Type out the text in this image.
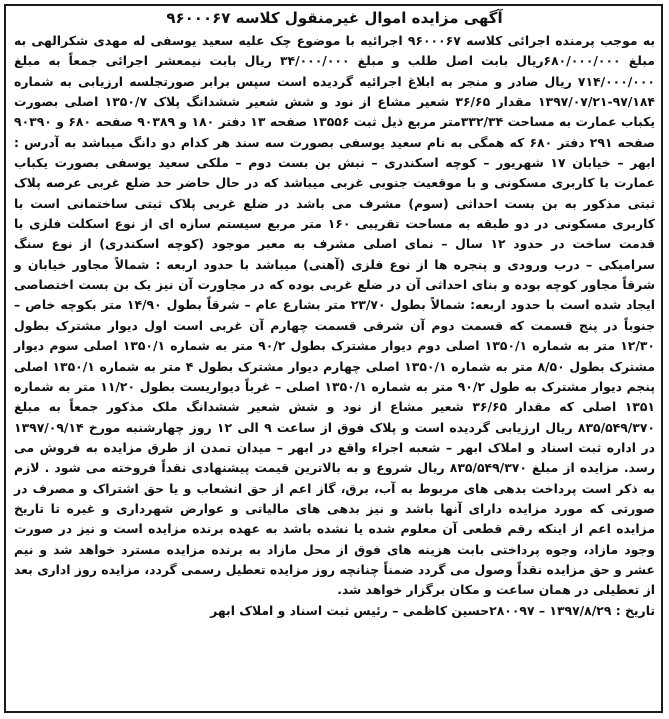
آگهی مزایده اموال غیرمنقول کلاسه ۹۶۰۰۰۶۷
به موجب پرمنده اجرائی کلاسه ۹۶۰۰۰۶۷ اجرائیه با موضوع چک علیه سعید یوسفی له مهدی شکرالهی به مبلغ ۶۸۰/۰۰۰/۰۰۰ریال بابت اصل طلب و مبلغ ۳۴/۰۰۰/۰۰۰ ریال بابت نیمعشر اجرائی جمعاً به مبلغ ۷۱۴/۰۰۰/۰۰۰ ریال صادر و منجر به ابلاغ اجرائیه گردیده است سپس برابر صورتجلسه ارزیابی به شماره ۹۷/۱۸۴-۱۳۹۷/۰۷/۲۱ مقدار ۳۶/۶۵ شعیر مشاع از نود و شش شعیر ششدانگ پلاک ۱۳۵۰/۷ اصلی بصورت یکباب عمارت به مساحت ۳۳۲/۳۴متر مربع ذیل ثبت ۱۳۵۵۶ صفحه ۱۳ دفتر ۱۸۰ و ۹۰۳۸۹ صفحه ۶۸۰ و ۹۰۳۹۰ صفحه ۲۹۱ دفتر ۶۸۰ که همگی به نام سعید یوسفی بصورت سه سند هر کدام دو دانگ میباشد به آدرس : ابهر – خیابان ۱۷ شهریور – کوچه اسکندری – نبش بن بست دوم – ملکی سعید یوسفی بصورت یکباب عمارت با کاربری مسکونی و با موقعیت جنوبی غربی میباشد که در حال حاضر حد ضلع غربی عرصه پلاک ثبتی مذکور به بن بست احداثی (سوم) مشرف می باشد در ضلع غربی پلاک ثبتی ساختمانی است با کاربری مسکونی در دو طبقه به مساحت تقریبی ۱۶۰ متر مربع سیستم سازه ای از نوع اسکلت فلزی با قدمت ساخت در حدود ۱۲ سال – نمای اصلی مشرف به معبر موجود (کوچه اسکندری) از نوع سنگ سرامیکی – درب ورودی و پنجره ها از نوع فلزی (آهنی) میباشد با حدود اربعه : شمالاً مجاور خیابان و شرقاً مجاور کوچه بوده و بنای احداثی آن در ضلع غربی بوده که در مجاورت آن نیز یک بن بست اختصاصی ایجاد شده است با حدود اربعه: شمالاً بطول ۲۳/۷۰ متر بشارع عام – شرقاً بطول ۱۴/۹۰ متر بکوچه خاص – جنوباً در پنج قسمت که قسمت دوم آن شرقی قسمت چهارم آن غربی است اول دیوار مشترک بطول ۱۲/۳۰ متر به شماره ۱۳۵۰/۱ اصلی دوم دیوار مشترک بطول ۹۰/۲ متر به شماره ۱۳۵۰/۱ اصلی سوم دیوار مشترک بطول ۸/۵۰ متر به شماره ۱۳۵۰/۱ اصلی چهارم دیوار مشترک بطول ۴ متر به شماره ۱۳۵۰/۱ اصلی پنجم دیوار مشترک به طول ۹۰/۲ متر به شماره ۱۳۵۰/۱ اصلی – غرباً دیواریست بطول ۱۱/۲۰ متر به شماره ۱۳۵۱ اصلی که مقدار ۳۶/۶۵ شعیر مشاع از نود و شش شعیر ششدانگ ملک مذکور جمعاً به مبلغ ۸۳۵/۵۴۹/۳۷۰ ریال ارزیابی گردیده است و پلاک فوق از ساعت ۹ الی ۱۲ روز چهارشنبه مورخ ۱۳۹۷/۰۹/۱۴ در اداره ثبت اسناد و املاک ابهر – شعبه اجراء واقع در ابهر – میدان تمدن از طرق مزایده به فروش می رسد. مزایده از مبلغ ۸۳۵/۵۴۹/۳۷۰ ریال شروع و به بالاترین قیمت پیشنهادی نقداً فروخته می شود . لازم به ذکر است پرداخت بدهی های مربوط به آب، برق، گاز اعم از حق انشعاب و یا حق اشتراک و مصرف در صورتی که مورد مزایده دارای آنها باشد و نیز بدهی های مالیاتی و عوارض شهرداری و غیره تا تاریخ مزایده اعم از اینکه رقم قطعی آن معلوم شده یا نشده باشد به عهده برنده مزایده است و نیز در صورت وجود مازاد، وجوه پرداختی بابت هزینه های فوق از محل مازاد به برنده مزایده مسترد خواهد شد و نیم عشر و حق مزایده نقداً وصول می گردد ضمناً چنانچه روز مزایده تعطیل رسمی گردد، مزایده روز اداری بعد از تعطیلی در همان ساعت و مکان برگزار خواهد شد.
تاریخ : ۱۳۹۷/۸/۲۹ – ۲۸۰۰۹۷حسین کاظمی – رئیس ثبت اسناد و املاک ابهر
